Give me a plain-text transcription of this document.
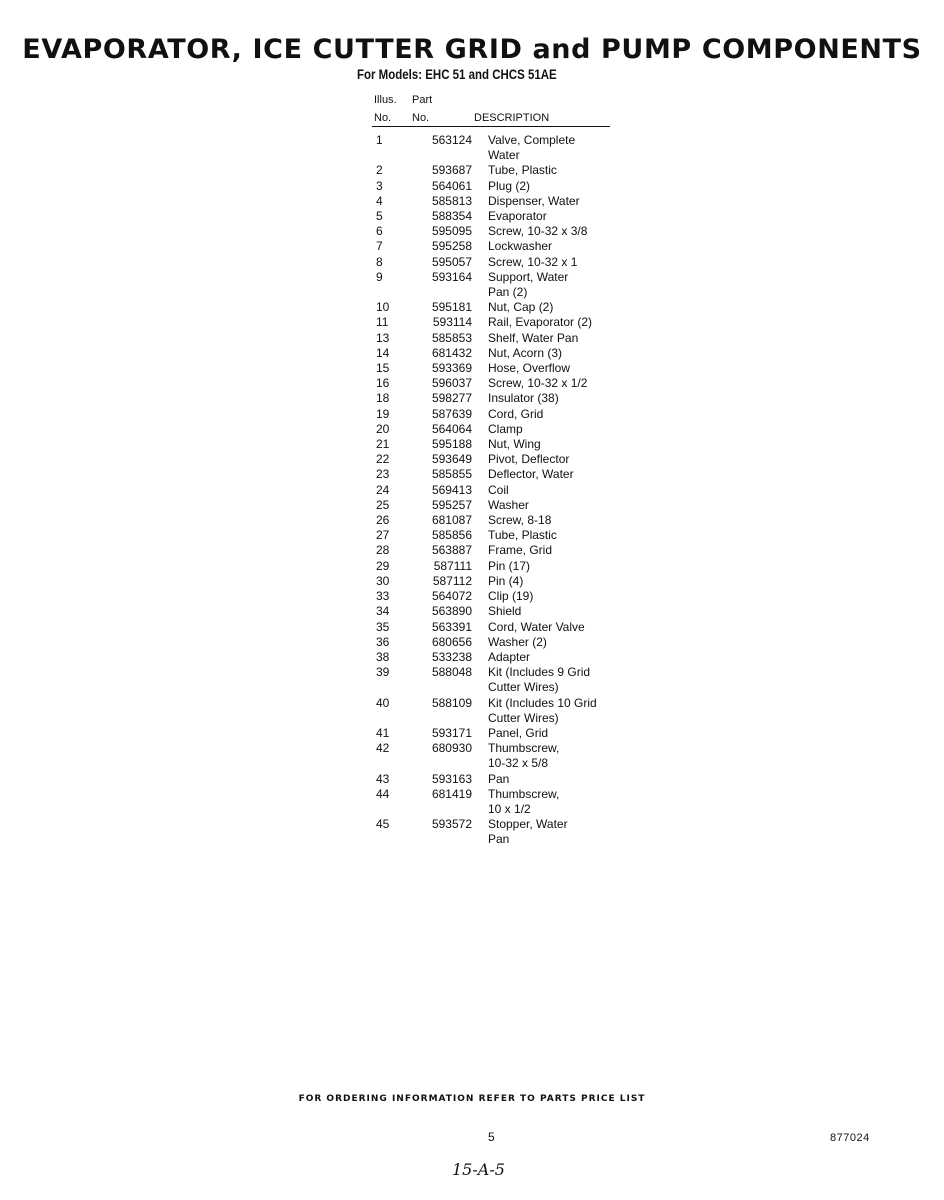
EVAPORATOR, ICE CUTTER GRID and PUMP COMPONENTS
For Models: EHC 51 and CHCS 51AE
Illus. Part
No. No.	DESCRIPTION
1	563124	Valve, Complete
Water
2	593687	Tube, Plastic
3	564061	Plug (2)
4	585813	Dispenser, Water
5	588354	Evaporator
6	595095	Screw, 10-32 x 3/8
7	595258	Lockwasher
8	595057	Screw, 10-32 x 1
9	593164	Support, Water
Pan (2)
10	595181	Nut, Cap (2)
11	593114	Rail, Evaporator (2)
13	585853	Shelf, Water Pan
14	681432	Nut, Acorn (3)
15	593369	Hose, Overflow
16	596037	Screw, 10-32 x 1/2
18	598277	Insulator (38)
19	587639	Cord, Grid
20	564064	Clamp
21	595188	Nut, Wing
22	593649	Pivot, Deflector
23	585855	Deflector, Water
24	569413	Coil
25	595257	Washer
26	681087	Screw, 8-18
27	585856	Tube, Plastic
28	563887	Frame, Grid
29	587111	Pin (17)
30	587112	Pin (4)
33	564072	Clip (19)
34	563890	Shield
35	563391	Cord, Water Valve
36	680656	Washer (2)
38	533238	Adapter
39	588048	Kit (Includes 9 Grid
Cutter Wires)
40	588109	Kit (Includes 10 Grid
Cutter Wires)
41	593171	Panel, Grid
42	680930	Thumbscrew,
10-32 x 5/8
43	593163	Pan
44	681419	Thumbscrew,
10 x 1/2
45	593572	Stopper, Water
Pan
FOR ORDERING INFORMATION REFER TO PARTS PRICE LIST
5	877024
15-A-5
